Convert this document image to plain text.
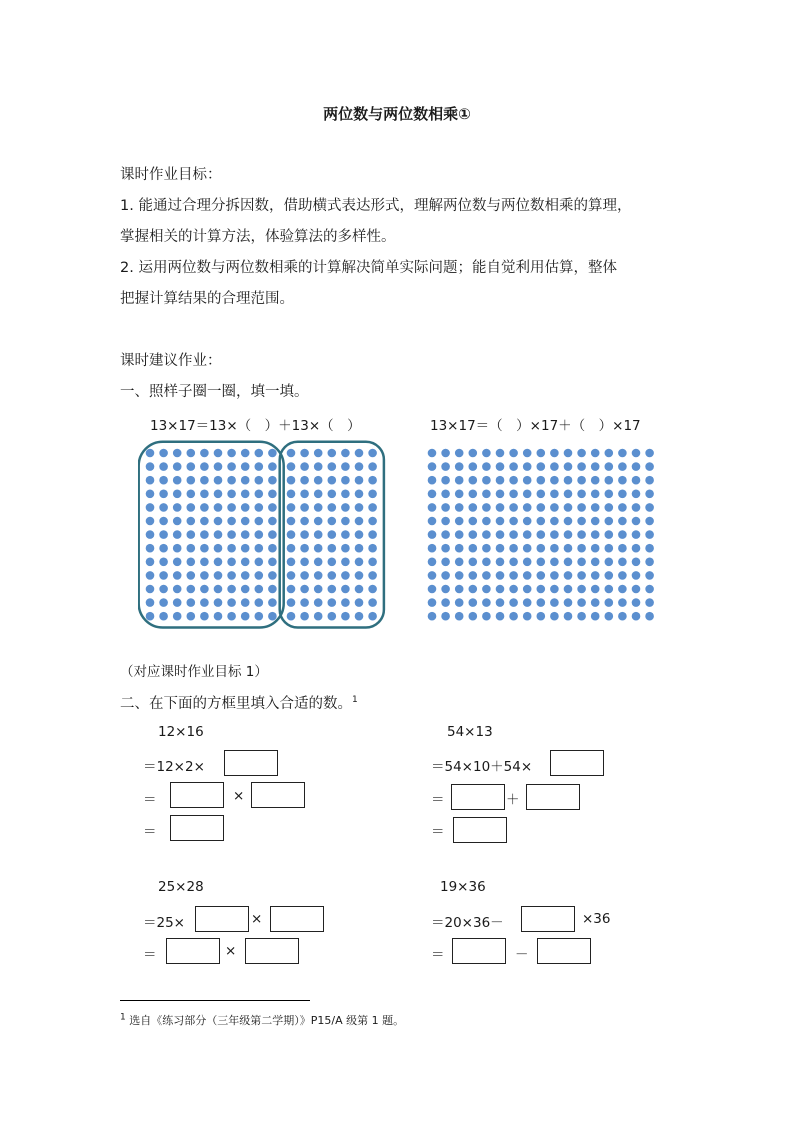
两位数与两位数相乘①
课时作业目标：
1. 能通过合理分拆因数，借助横式表达形式，理解两位数与两位数相乘的算理，
掌握相关的计算方法，体验算法的多样性。
2. 运用两位数与两位数相乘的计算解决简单实际问题；能自觉利用估算，整体
把握计算结果的合理范围。
课时建议作业：
一、照样子圈一圈，填一填。
13×17＝13×（　）＋13×（　）	13×17＝（　）×17＋（　）×17
（对应课时作业目标 1）
二、在下面的方框里填入合适的数。$^1$
12×16
＝12×2×
＝	×
＝
54×13
＝54×10＋54×
＝	＋
＝
25×28
＝25×	×
＝	×
19×36
＝20×36－	×36
＝	－
$^1$ 选自《练习部分（三年级第二学期）》P15/A 级第 1 题。
